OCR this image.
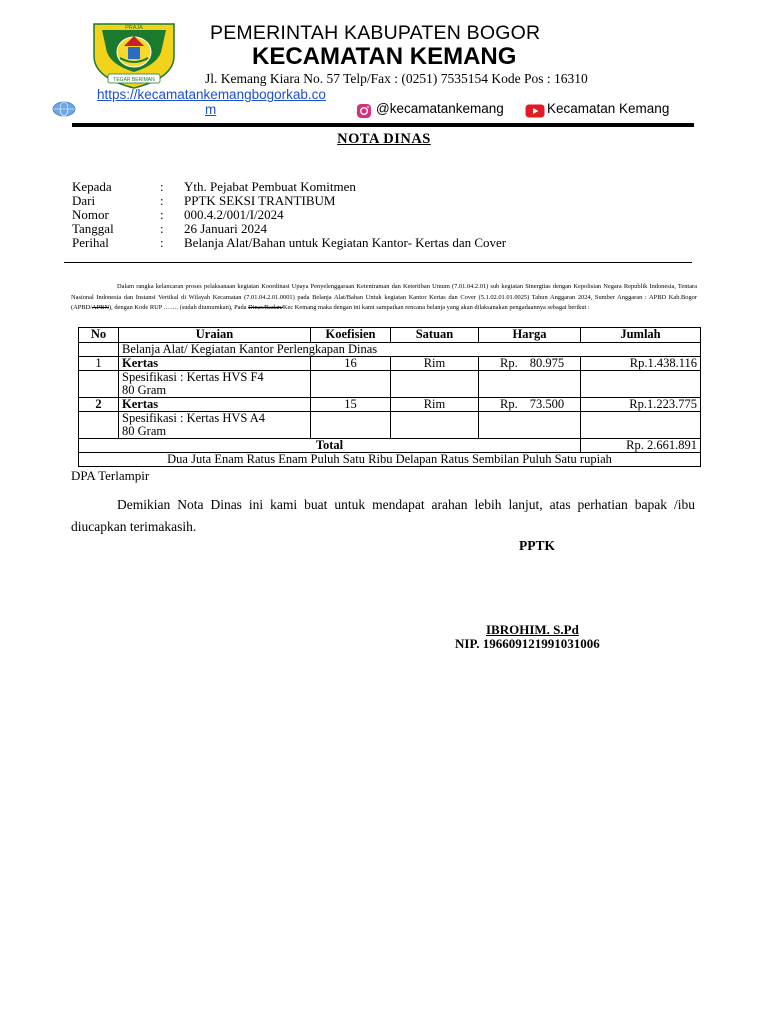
PRAJA
TEGAR BERIMAN
PEMERINTAH KABUPATEN BOGOR
KECAMATAN KEMANG
Jl. Kemang Kiara No. 57 Telp/Fax : (0251) 7535154 Kode Pos : 16310
https://kecamatankemangbogorkab.co
m	@kecamatankemang	Kecamatan Kemang
NOTA DINAS
Kepada	: Yth. Pejabat Pembuat Komitmen
Dari	: PPTK SEKSI TRANTIBUM
Nomor	: 000.4.2/001/I/2024
Tanggal	: 26 Januari 2024
Perihal	: Belanja Alat/Bahan untuk Kegiatan Kantor- Kertas dan Cover
Dalam rangka kelancaran proses pelaksanaan kegiatan Koordinasi Upaya Penyelenggaraan Ketentraman dan Ketertiban Umum (7.01.04.2.01) sub kegiatan Sinergitas dengan Kepolisian Negara Republik Indonesia, Tentara Nasional Indonesia dan Instansi Vertikal di Wilayah Kecamatan (7.01.04.2.01.0001) pada Belanja Alat/Bahan Untuk kegiatan Kantor Kertas dan Cover (5.1.02.01.01.0025) Tahun Anggaran 2024, Sumber Anggaran : APBD Kab.Bogor (APBD/APBN), dengan Kode RUP ……. (sudah diumumkan), Pada Dinas/Badan/Kec Kemang maka dengan ini kami sampaikan rencana belanja yang akan dilaksanakan pengadaannya sebagai berikut :
No	Uraian	Koefisien	Satuan	Harga	Jumlah
	Belanja Alat/ Kegiatan Kantor Perlengkapan Dinas				
1	Kertas	16	Rim	Rp. 80.975	Rp.1.438.116

	Spesifikasi : Kertas HVS F4
80 Gram				

2	Kertas	15	Rim	Rp. 73.500	Rp.1.223.775

	Spesifikasi : Kertas HVS A4
80 Gram				

Total					Rp. 2.661.891
Dua Juta Enam Ratus Enam Puluh Satu Ribu Delapan Ratus Sembilan Puluh Satu rupiah					
DPA Terlampir
Demikian Nota Dinas ini kami buat untuk mendapat arahan lebih lanjut, atas perhatian bapak /ibu diucapkan terimakasih.
PPTK
IBROHIM. S.Pd
NIP. 196609121991031006
